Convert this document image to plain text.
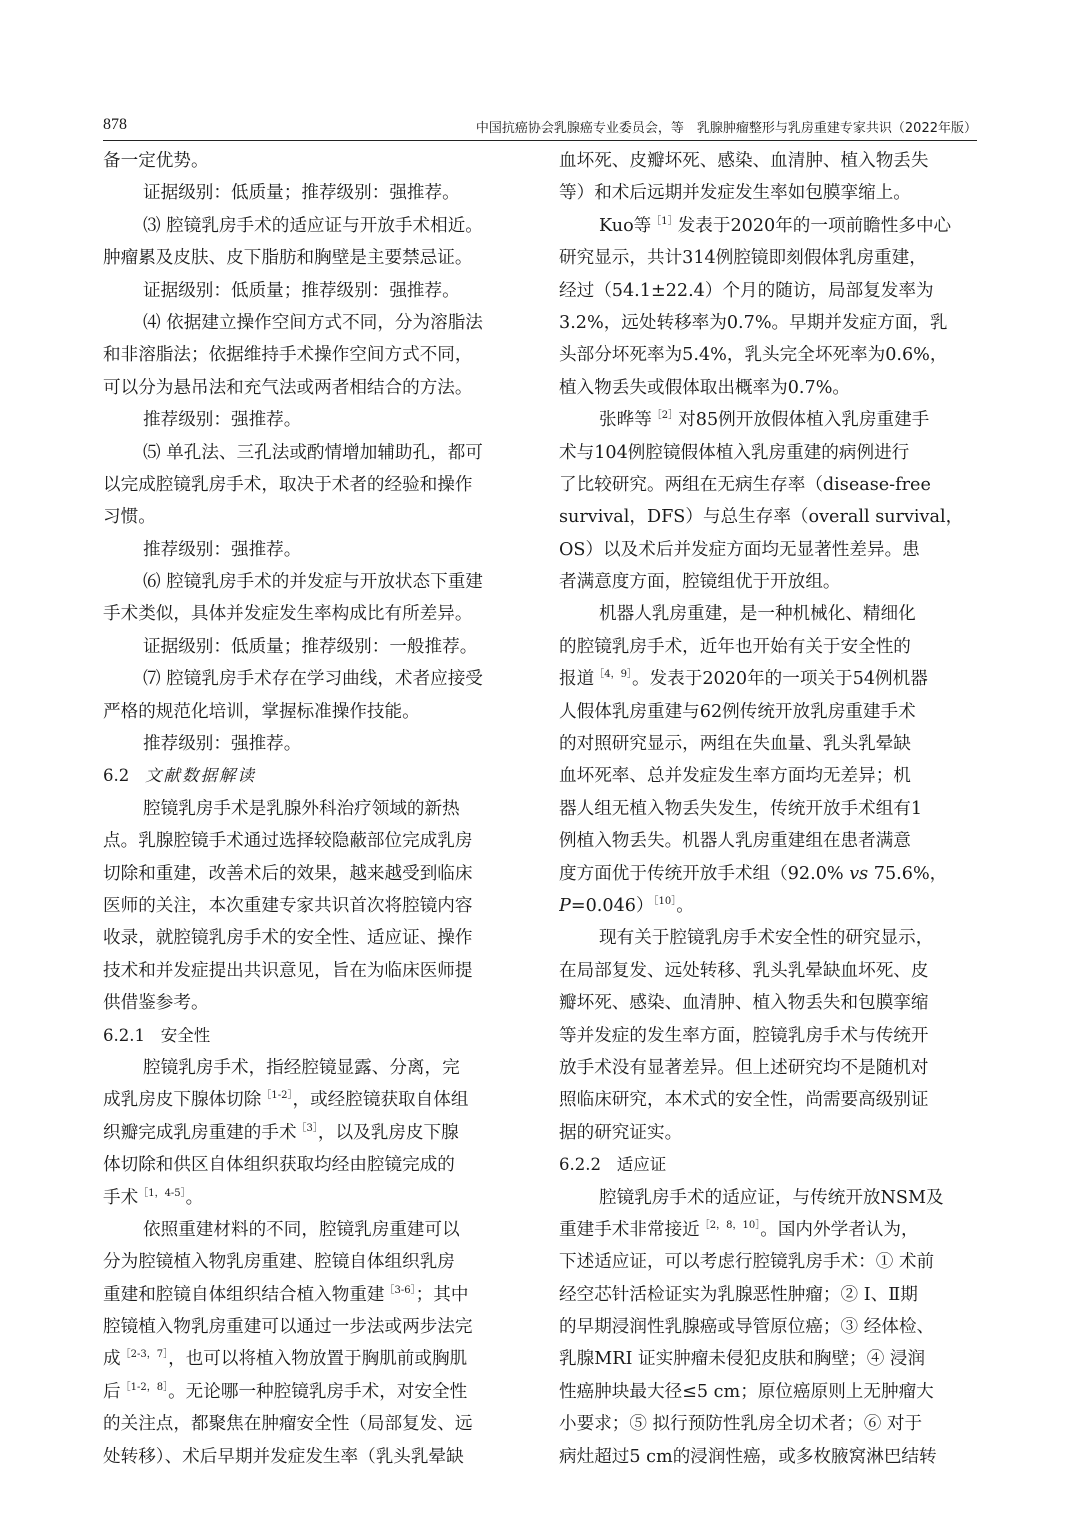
878	中国抗癌协会乳腺癌专业委员会，等　乳腺肿瘤整形与乳房重建专家共识（2022年版）
备一定优势。
证据级别：低质量；推荐级别：强推荐。
⑶ 腔镜乳房手术的适应证与开放手术相近。
肿瘤累及皮肤、皮下脂肪和胸壁是主要禁忌证。
证据级别：低质量；推荐级别：强推荐。
⑷ 依据建立操作空间方式不同，分为溶脂法
和非溶脂法；依据维持手术操作空间方式不同，
可以分为悬吊法和充气法或两者相结合的方法。
推荐级别：强推荐。
⑸ 单孔法、三孔法或酌情增加辅助孔，都可
以完成腔镜乳房手术，取决于术者的经验和操作
习惯。
推荐级别：强推荐。
⑹ 腔镜乳房手术的并发症与开放状态下重建
手术类似，具体并发症发生率构成比有所差异。
证据级别：低质量；推荐级别：一般推荐。
⑺ 腔镜乳房手术存在学习曲线，术者应接受
严格的规范化培训，掌握标准操作技能。
推荐级别：强推荐。
6.2 文献数据解读
腔镜乳房手术是乳腺外科治疗领域的新热
点。乳腺腔镜手术通过选择较隐蔽部位完成乳房
切除和重建，改善术后的效果，越来越受到临床
医师的关注，本次重建专家共识首次将腔镜内容
收录，就腔镜乳房手术的安全性、适应证、操作
技术和并发症提出共识意见，旨在为临床医师提
供借鉴参考。
6.2.1 安全性
腔镜乳房手术，指经腔镜显露、分离，完
成乳房皮下腺体切除$^{[1-2]}$，或经腔镜获取自体组
织瓣完成乳房重建的手术$^{[3]}$，以及乳房皮下腺
体切除和供区自体组织获取均经由腔镜完成的
手术$^{[1,4-5]}$。
依照重建材料的不同，腔镜乳房重建可以
分为腔镜植入物乳房重建、腔镜自体组织乳房
重建和腔镜自体组织结合植入物重建$^{[3-6]}$；其中
腔镜植入物乳房重建可以通过一步法或两步法完
成$^{[2-3,7]}$，也可以将植入物放置于胸肌前或胸肌
后$^{[1-2,8]}$。无论哪一种腔镜乳房手术，对安全性
的关注点，都聚焦在肿瘤安全性（局部复发、远
处转移）、术后早期并发症发生率（乳头乳晕缺
血坏死、皮瓣坏死、感染、血清肿、植入物丢失
等）和术后远期并发症发生率如包膜挛缩上。
Kuo等$^{[1]}$发表于2020年的一项前瞻性多中心
研究显示，共计314例腔镜即刻假体乳房重建，
经过（54.1±22.4）个月的随访，局部复发率为
3.2%，远处转移率为0.7%。早期并发症方面，乳
头部分坏死率为5.4%，乳头完全坏死率为0.6%，
植入物丢失或假体取出概率为0.7%。
张晔等$^{[2]}$对85例开放假体植入乳房重建手
术与104例腔镜假体植入乳房重建的病例进行
了比较研究。两组在无病生存率（disease-free
survival，DFS）与总生存率（overall survival，
OS）以及术后并发症方面均无显著性差异。患
者满意度方面，腔镜组优于开放组。
机器人乳房重建，是一种机械化、精细化
的腔镜乳房手术，近年也开始有关于安全性的
报道$^{[4,9]}$。发表于2020年的一项关于54例机器
人假体乳房重建与62例传统开放乳房重建手术
的对照研究显示，两组在失血量、乳头乳晕缺
血坏死率、总并发症发生率方面均无差异；机
器人组无植入物丢失发生，传统开放手术组有1
例植入物丢失。机器人乳房重建组在患者满意
度方面优于传统开放手术组（92.0% vs 75.6%，
P=0.046）$^{[10]}$。
现有关于腔镜乳房手术安全性的研究显示，
在局部复发、远处转移、乳头乳晕缺血坏死、皮
瓣坏死、感染、血清肿、植入物丢失和包膜挛缩
等并发症的发生率方面，腔镜乳房手术与传统开
放手术没有显著差异。但上述研究均不是随机对
照临床研究，本术式的安全性，尚需要高级别证
据的研究证实。
6.2.2 适应证
腔镜乳房手术的适应证，与传统开放NSM及
重建手术非常接近$^{[2,8,10]}$。国内外学者认为，
下述适应证，可以考虑行腔镜乳房手术：① 术前
经空芯针活检证实为乳腺恶性肿瘤；② Ⅰ、Ⅱ期
的早期浸润性乳腺癌或导管原位癌；③ 经体检、
乳腺MRI 证实肿瘤未侵犯皮肤和胸壁；④ 浸润
性癌肿块最大径≤5 cm；原位癌原则上无肿瘤大
小要求；⑤ 拟行预防性乳房全切术者；⑥ 对于
病灶超过5 cm的浸润性癌，或多枚腋窝淋巴结转
